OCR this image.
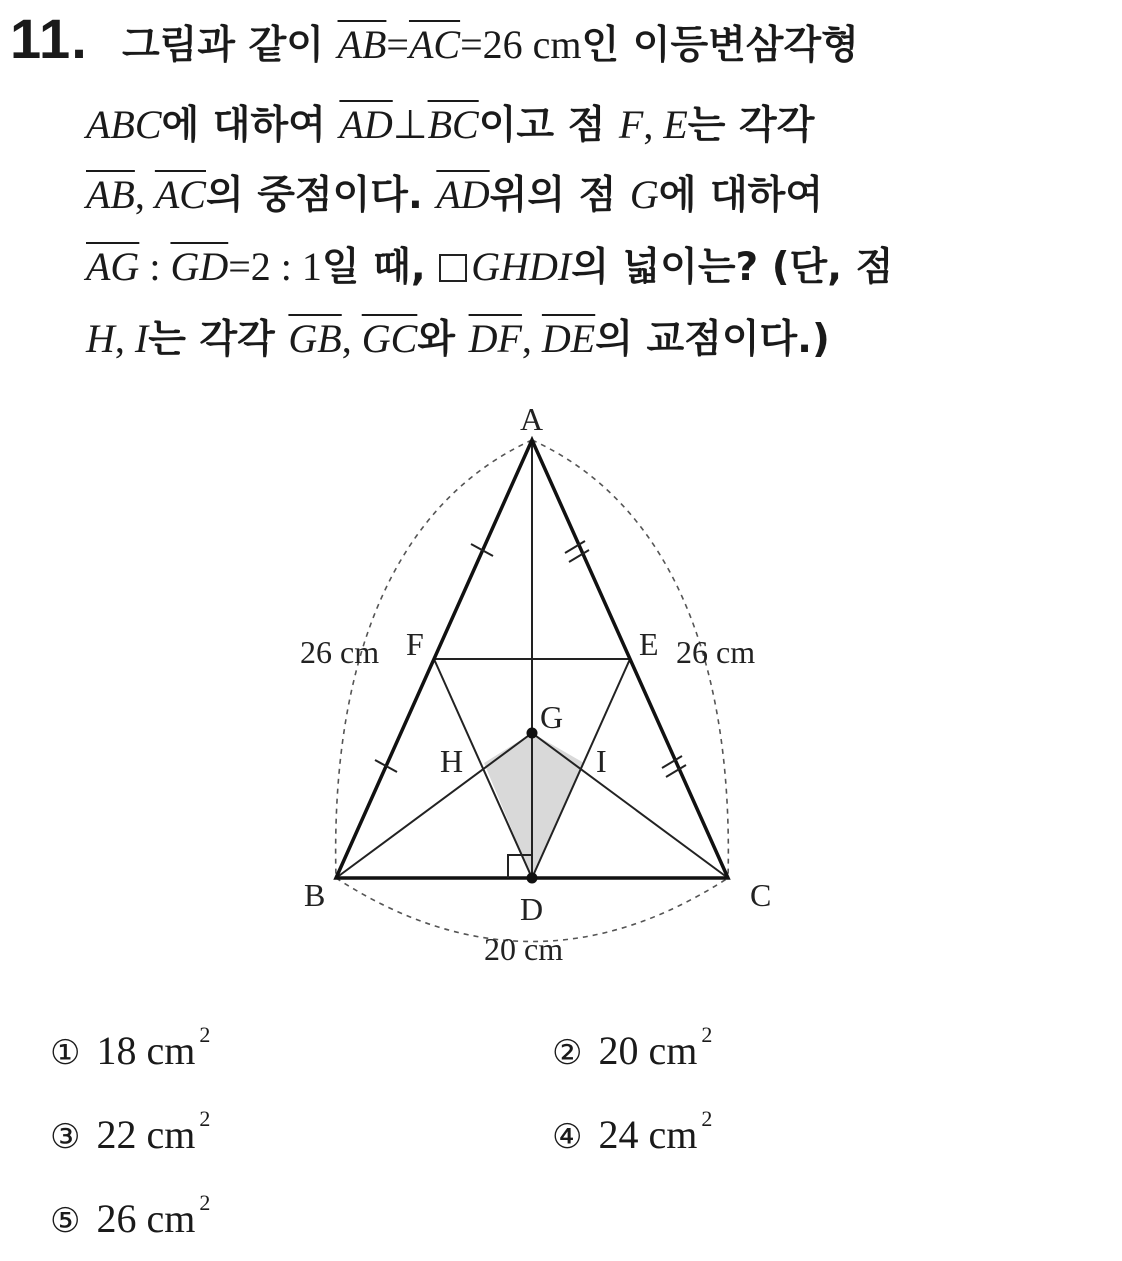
11. 그림과 같이 $\overline{AB}=\overline{AC}=26$ cm인 이등변삼각형
ABC에 대하여 $\overline{AD}\perp\overline{BC}$이고 점 F, E는 각각
$\overline{AB}$, $\overline{AC}$의 중점이다. $\overline{AD}$위의 점 G에 대하여
$\overline{AG}$ : $\overline{GD}=2$ : 1일 때, GHDI의 넓이는? (단, 점
H, I는 각각 $\overline{GB}$, $\overline{GC}$와 $\overline{DF}$, $\overline{DE}$의 교점이다.)
A
B	C
D
E
F
G
H	I
26 cm	26 cm
20 cm
① 18 cm $^2$	② 20 cm $^2$
③ 22 cm $^2$	④ 24 cm $^2$
⑤ 26 cm $^2$
